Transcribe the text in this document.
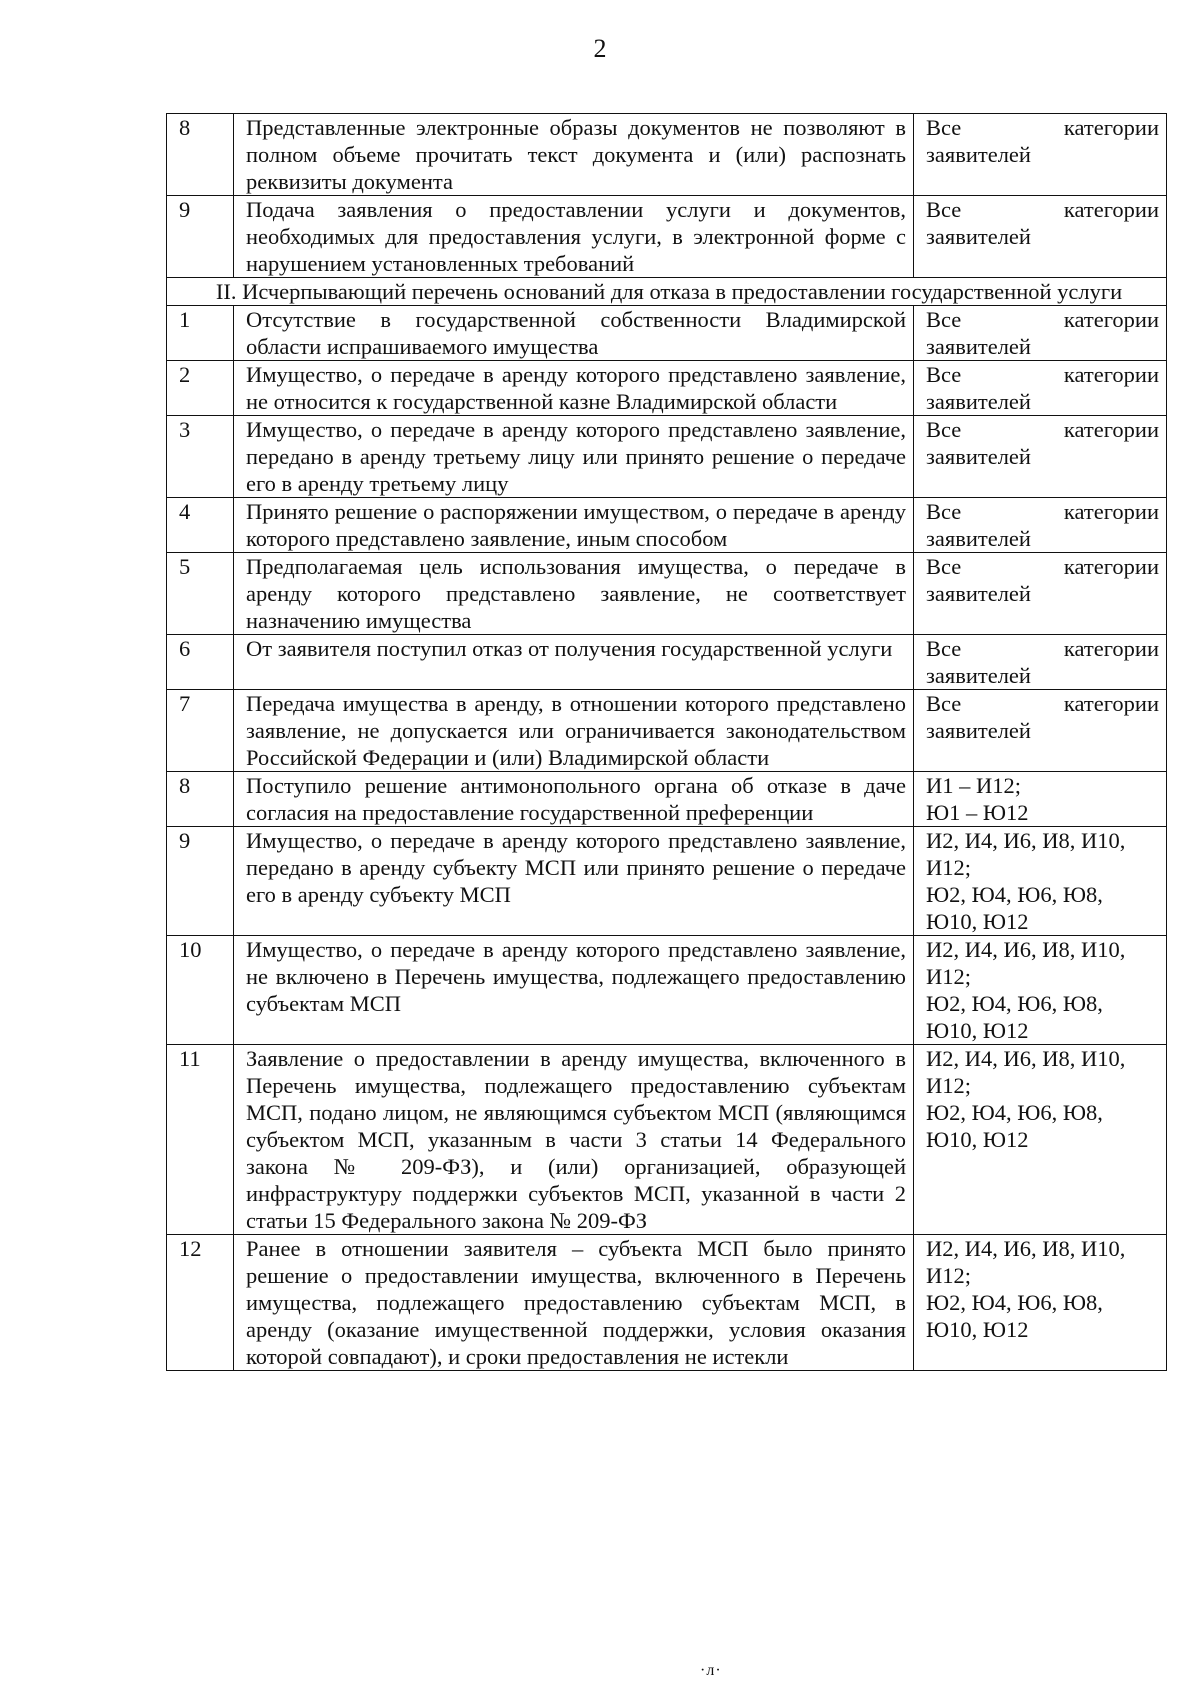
2
8	Представленные электронные образы документов не позволяют в полном объеме прочитать текст документа и (или) распознать реквизиты документа	Все категории
заявителей

9	Подача заявления о предоставлении услуги и документов, необходимых для предоставления услуги, в электронной форме с нарушением установленных требований	Все категории
заявителей

II. Исчерпывающий перечень оснований для отказа в предоставлении государственной услуги		
1	Отсутствие в государственной собственности Владимирской области испрашиваемого имущества	Все категории
заявителей

2	Имущество, о передаче в аренду которого представлено заявление, не относится к государственной казне Владимирской области	Все категории
заявителей

3	Имущество, о передаче в аренду которого представлено заявление, передано в аренду третьему лицу или принято решение о передаче его в аренду третьему лицу	Все категории
заявителей

4	Принято решение о распоряжении имуществом, о передаче в аренду которого представлено заявление, иным способом	Все категории
заявителей

5	Предполагаемая цель использования имущества, о передаче в аренду которого представлено заявление, не соответствует назначению имущества	Все категории
заявителей

6	От заявителя поступил отказ от получения государственной услуги	Все категории
заявителей

7	Передача имущества в аренду, в отношении которого представлено заявление, не допускается или ограничивается законодательством Российской Федерации и (или) Владимирской области	Все категории
заявителей

8	Поступило решение антимонопольного органа об отказе в даче согласия на предоставление государственной преференции	И1 – И12;
Ю1 – Ю12

9	Имущество, о передаче в аренду которого представлено заявление, передано в аренду субъекту МСП или принято решение о передаче его в аренду субъекту МСП	И2, И4, И6, И8, И10, И12;
Ю2, Ю4, Ю6, Ю8, Ю10, Ю12

10	Имущество, о передаче в аренду которого представлено заявление, не включено в Перечень имущества, подлежащего предоставлению субъектам МСП	И2, И4, И6, И8, И10, И12;
Ю2, Ю4, Ю6, Ю8, Ю10, Ю12

11	Заявление о предоставлении в аренду имущества, включенного в Перечень имущества, подлежащего предоставлению субъектам МСП, подано лицом, не являющимся субъектом МСП (являющимся субъектом МСП, указанным в части 3 статьи 14 Федерального закона № 209-ФЗ), и (или) организацией, образующей инфраструктуру поддержки субъектов МСП, указанной в части 2 статьи 15 Федерального закона № 209-ФЗ	И2, И4, И6, И8, И10, И12;
Ю2, Ю4, Ю6, Ю8, Ю10, Ю12

12	Ранее в отношении заявителя – субъекта МСП было принято решение о предоставлении имущества, включенного в Перечень имущества, подлежащего предоставлению субъектам МСП, в аренду (оказание имущественной поддержки, условия оказания которой совпадают), и сроки предоставления не истекли	И2, И4, И6, И8, И10, И12;
Ю2, Ю4, Ю6, Ю8, Ю10, Ю12
·л·
